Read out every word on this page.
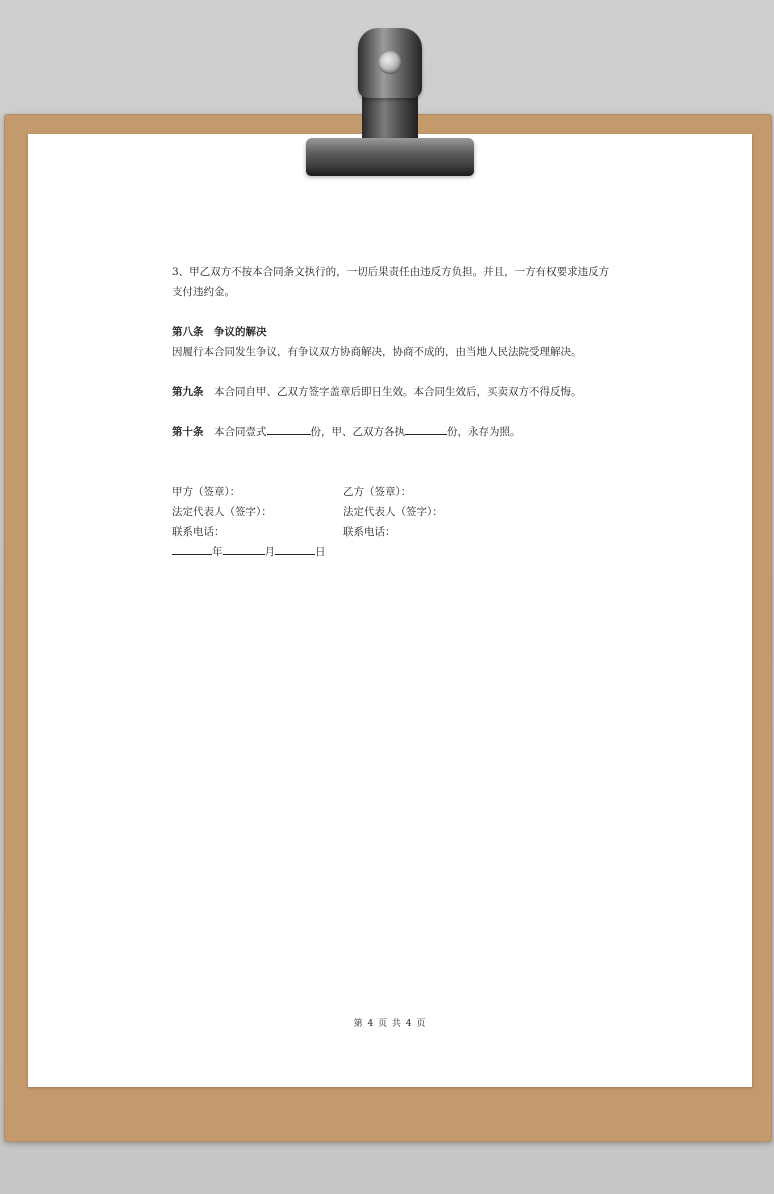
3、甲乙双方不按本合同条文执行的，一切后果责任由违反方负担。并且，一方有权要求违反方

支付违约金。

第八条　争议的解决

因履行本合同发生争议，有争议双方协商解决，协商不成的，由当地人民法院受理解决。

第九条　本合同自甲、乙双方签字盖章后即日生效。本合同生效后，买卖双方不得反悔。

第十条　本合同壹式	份，甲、乙双方各执	份，永存为照。

甲方（签章）：	乙方（签章）：
法定代表人（签字）：	法定代表人（签字）：
联系电话：	联系电话：

年	月	日

第 4 页 共 4 页
